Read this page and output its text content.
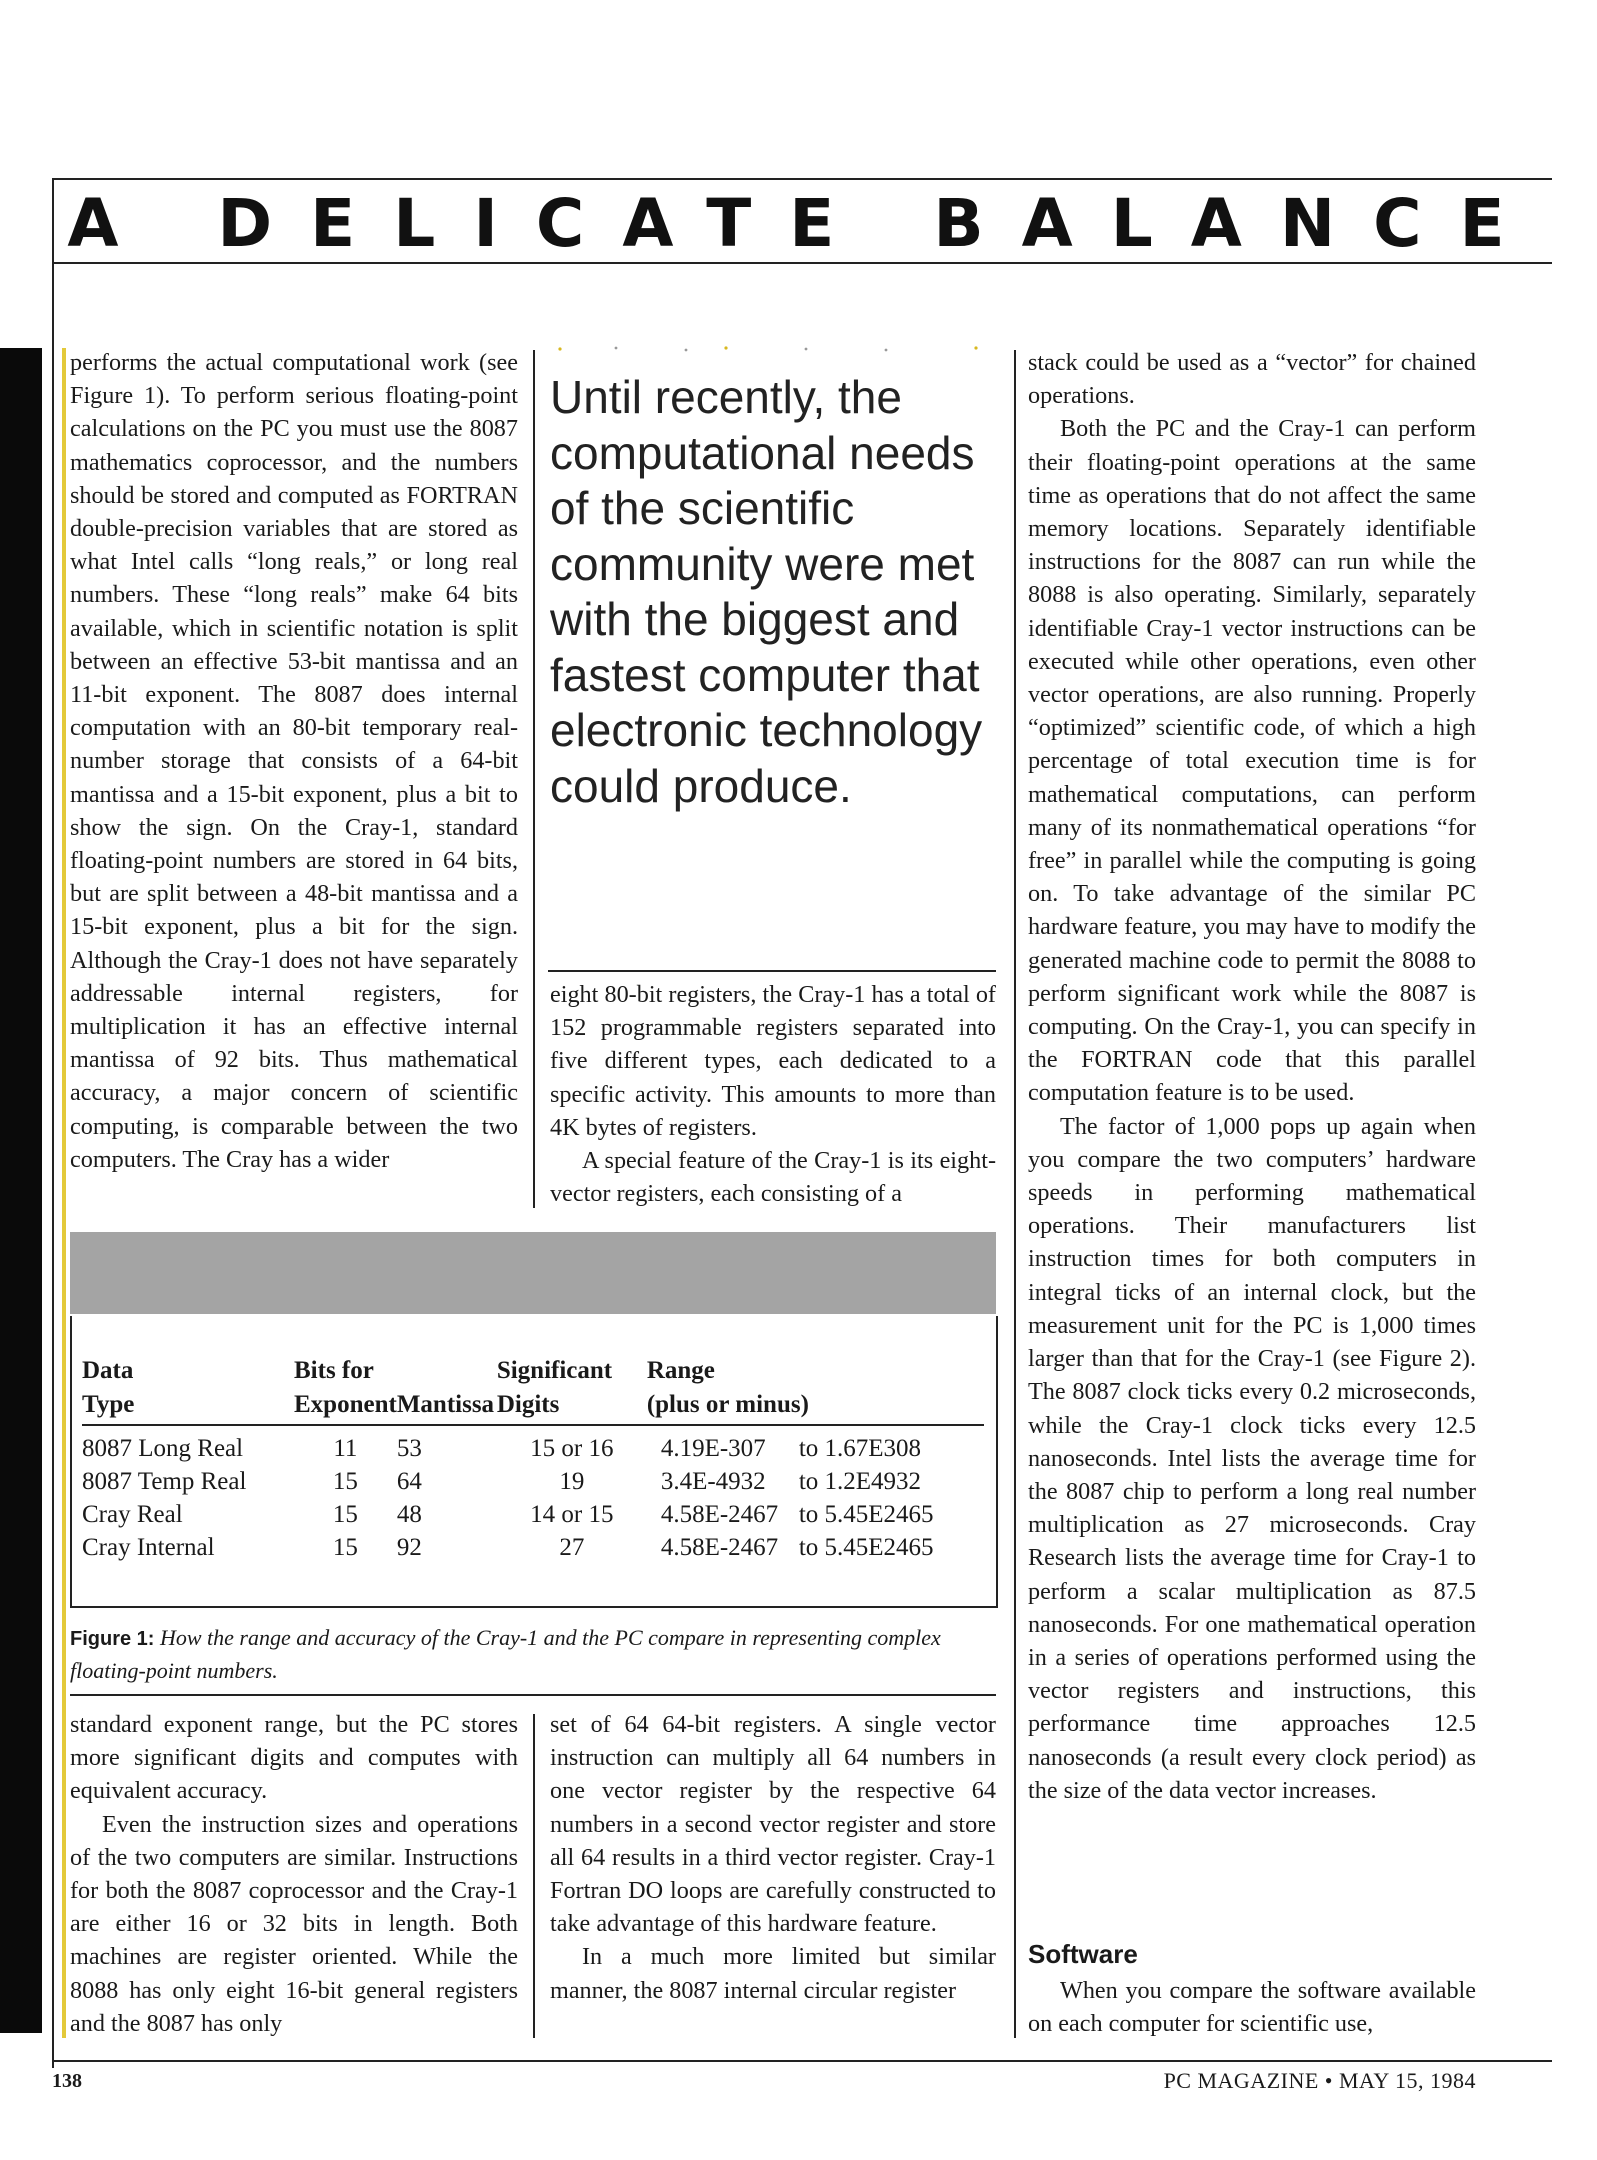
A DELICATE BALANCE

performs the actual computational work (see Figure 1). To perform serious floating-point calculations on the PC you must use the 8087 mathematics coprocessor, and the numbers should be stored and computed as FORTRAN double-precision variables that are stored as what Intel calls “long reals,” or long real numbers. These “long reals” make 64 bits available, which in scientific notation is split between an effective 53-bit mantissa and an 11-bit exponent. The 8087 does internal computation with an 80-bit temporary real-number storage that consists of a 64-bit mantissa and a 15-bit exponent, plus a bit to show the sign. On the Cray-1, standard floating-point numbers are stored in 64 bits, but are split between a 48-bit mantissa and a 15-bit exponent, plus a bit for the sign. Although the Cray-1 does not have separately addressable internal registers, for multiplication it has an effective internal mantissa of 92 bits. Thus mathematical accuracy, a major concern of scientific computing, is comparable between the two computers. The Cray has a wider

Until recently, the computational needs of the scientific community were met with the biggest and fastest computer that electronic technology could produce.

eight 80-bit registers, the Cray-1 has a total of 152 programmable registers separated into five different types, each dedicated to a specific activity. This amounts to more than 4K bytes of registers.

A special feature of the Cray-1 is its eight-vector registers, each consisting of a

stack could be used as a “vector” for chained operations.

Both the PC and the Cray-1 can perform their floating-point operations at the same time as operations that do not affect the same memory locations. Separately identifiable instructions for the 8087 can run while the 8088 is also operating. Similarly, separately identifiable Cray-1 vector instructions can be executed while other operations, even other vector operations, are also running. Properly “optimized” scientific code, of which a high percentage of total execution time is for mathematical computations, can perform many of its nonmathematical operations “for free” in parallel while the computing is going on. To take advantage of the similar PC hardware feature, you may have to modify the generated machine code to permit the 8088 to perform significant work while the 8087 is computing. On the Cray-1, you can specify in the FORTRAN code that this parallel computation feature is to be used.

The factor of 1,000 pops up again when you compare the two computers’ hardware speeds in performing mathematical operations. Their manufacturers list instruction times for both computers in integral ticks of an internal clock, but the measurement unit for the PC is 1,000 times larger than that for the Cray-1 (see Figure 2). The 8087 clock ticks every 0.2 microseconds, while the Cray-1 clock ticks every 12.5 nanoseconds. Intel lists the average time for the 8087 chip to perform a long real number multiplication as 27 microseconds. Cray Research lists the average time for Cray-1 to perform a scalar multiplication as 87.5 nanoseconds. For one mathematical operation in a series of operations performed using the vector registers and instructions, this performance time approaches 12.5 nanoseconds (a result every clock period) as the size of the data vector increases.

Software

When you compare the software available on each computer for scientific use,

Data	Bits for		Significant	Range	
Type	Exponent	Mantissa	Digits	(plus or minus)	
8087 Long Real	11	53	15 or 16	4.19E-307	to 1.67E308
8087 Temp Real	15	64	19	3.4E-4932	to 1.2E4932
Cray Real	15	48	14 or 15	4.58E-2467	to 5.45E2465
Cray Internal	15	92	27	4.58E-2467	to 5.45E2465

Figure 1: How the range and accuracy of the Cray-1 and the PC compare in representing complex floating-point numbers.

standard exponent range, but the PC stores more significant digits and computes with equivalent accuracy.

Even the instruction sizes and operations of the two computers are similar. Instructions for both the 8087 coprocessor and the Cray-1 are either 16 or 32 bits in length. Both machines are register oriented. While the 8088 has only eight 16-bit general registers and the 8087 has only

set of 64 64-bit registers. A single vector instruction can multiply all 64 numbers in one vector register by the respective 64 numbers in a second vector register and store all 64 results in a third vector register. Cray-1 Fortran DO loops are carefully constructed to take advantage of this hardware feature.

In a much more limited but similar manner, the 8087 internal circular register

138	PC MAGAZINE • MAY 15, 1984
